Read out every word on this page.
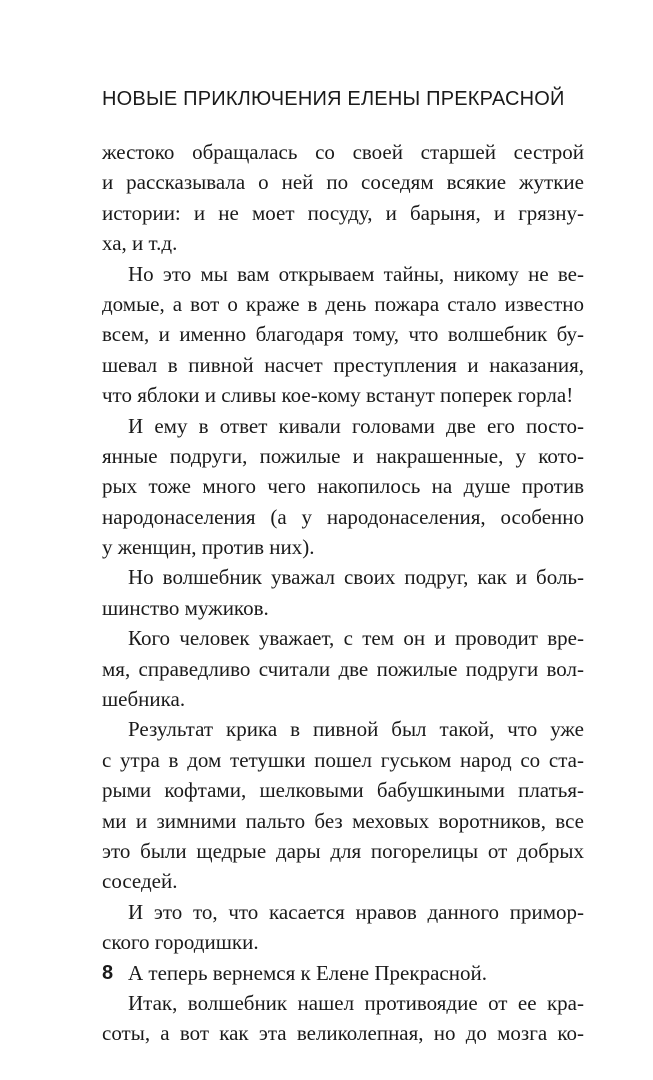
НОВЫЕ ПРИКЛЮЧЕНИЯ ЕЛЕНЫ ПРЕКРАСНОЙ
жестоко обращалась со своей старшей сестрой
и рассказывала о ней по соседям всякие жуткие
истории: и не моет посуду, и барыня, и грязну-
ха, и т.д.
Но это мы вам открываем тайны, никому не ве-
домые, а вот о краже в день пожара стало известно
всем, и именно благодаря тому, что волшебник бу-
шевал в пивной насчет преступления и наказания,
что яблоки и сливы кое-кому встанут поперек горла!
И ему в ответ кивали головами две его посто-
янные подруги, пожилые и накрашенные, у кото-
рых тоже много чего накопилось на душе против
народонаселения (а у народонаселения, особенно
у женщин, против них).
Но волшебник уважал своих подруг, как и боль-
шинство мужиков.
Кого человек уважает, с тем он и проводит вре-
мя, справедливо считали две пожилые подруги вол-
шебника.
Результат крика в пивной был такой, что уже
с утра в дом тетушки пошел гуськом народ со ста-
рыми кофтами, шелковыми бабушкиными платья-
ми и зимними пальто без меховых воротников, все
это были щедрые дары для погорелицы от добрых
соседей.
И это то, что касается нравов данного примор-
ского городишки.
А теперь вернемся к Елене Прекрасной.
Итак, волшебник нашел противоядие от ее кра-
соты, а вот как эта великолепная, но до мозга ко-
8
